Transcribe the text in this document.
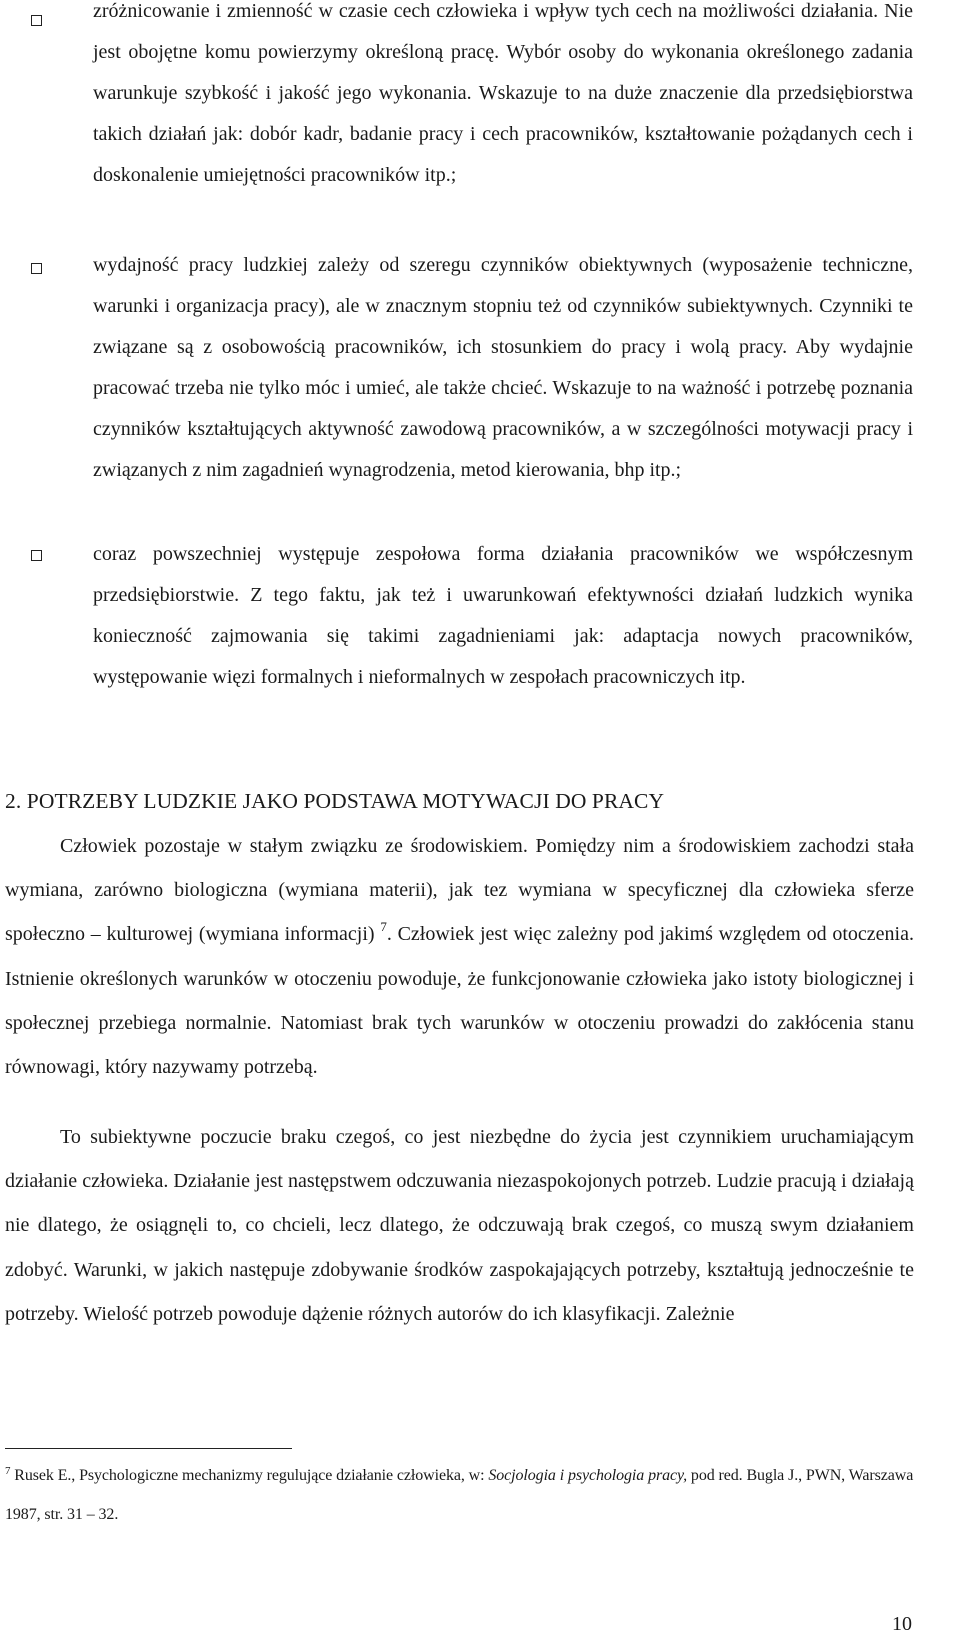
zróżnicowanie i zmienność w czasie cech człowieka i wpływ tych cech na możliwości działania. Nie jest obojętne komu powierzymy określoną pracę. Wybór osoby do wykonania określonego zadania warunkuje szybkość i jakość jego wykonania. Wskazuje to na duże znaczenie dla przedsiębiorstwa takich działań jak: dobór kadr, badanie pracy i cech pracowników, kształtowanie pożądanych cech i doskonalenie umiejętności pracowników itp.;
wydajność pracy ludzkiej zależy od szeregu czynników obiektywnych (wyposażenie techniczne, warunki i organizacja pracy), ale w znacznym stopniu też od czynników subiektywnych. Czynniki te związane są z osobowością pracowników, ich stosunkiem do pracy i wolą pracy. Aby wydajnie pracować trzeba nie tylko móc i umieć, ale także chcieć. Wskazuje to na ważność i potrzebę poznania czynników kształtujących aktywność zawodową pracowników, a w szczególności motywacji pracy i związanych z nim zagadnień wynagrodzenia, metod kierowania, bhp itp.;
coraz powszechniej występuje zespołowa forma działania pracowników we współczesnym przedsiębiorstwie. Z tego faktu, jak też i uwarunkowań efektywności działań ludzkich wynika konieczność zajmowania się takimi zagadnieniami jak: adaptacja nowych pracowników, występowanie więzi formalnych i nieformalnych w zespołach pracowniczych itp.
2. POTRZEBY LUDZKIE JAKO PODSTAWA MOTYWACJI DO PRACY
Człowiek pozostaje w stałym związku ze środowiskiem. Pomiędzy nim a środowiskiem zachodzi stała wymiana, zarówno biologiczna (wymiana materii), jak tez wymiana w specyficznej dla człowieka sferze społeczno – kulturowej (wymiana informacji) $^7$. Człowiek jest więc zależny pod jakimś względem od otoczenia. Istnienie określonych warunków w otoczeniu powoduje, że funkcjonowanie człowieka jako istoty biologicznej i społecznej przebiega normalnie. Natomiast brak tych warunków w otoczeniu prowadzi do zakłócenia stanu równowagi, który nazywamy potrzebą.
To subiektywne poczucie braku czegoś, co jest niezbędne do życia jest czynnikiem uruchamiającym działanie człowieka. Działanie jest następstwem odczuwania niezaspokojonych potrzeb. Ludzie pracują i działają nie dlatego, że osiągnęli to, co chcieli, lecz dlatego, że odczuwają brak czegoś, co muszą swym działaniem zdobyć. Warunki, w jakich następuje zdobywanie środków zaspokajających potrzeby, kształtują jednocześnie te potrzeby. Wielość potrzeb powoduje dążenie różnych autorów do ich klasyfikacji. Zależnie
$^7$ Rusek E., Psychologiczne mechanizmy regulujące działanie człowieka, w: Socjologia i psychologia pracy, pod red. Bugla J., PWN, Warszawa 1987, str. 31 – 32.
10
